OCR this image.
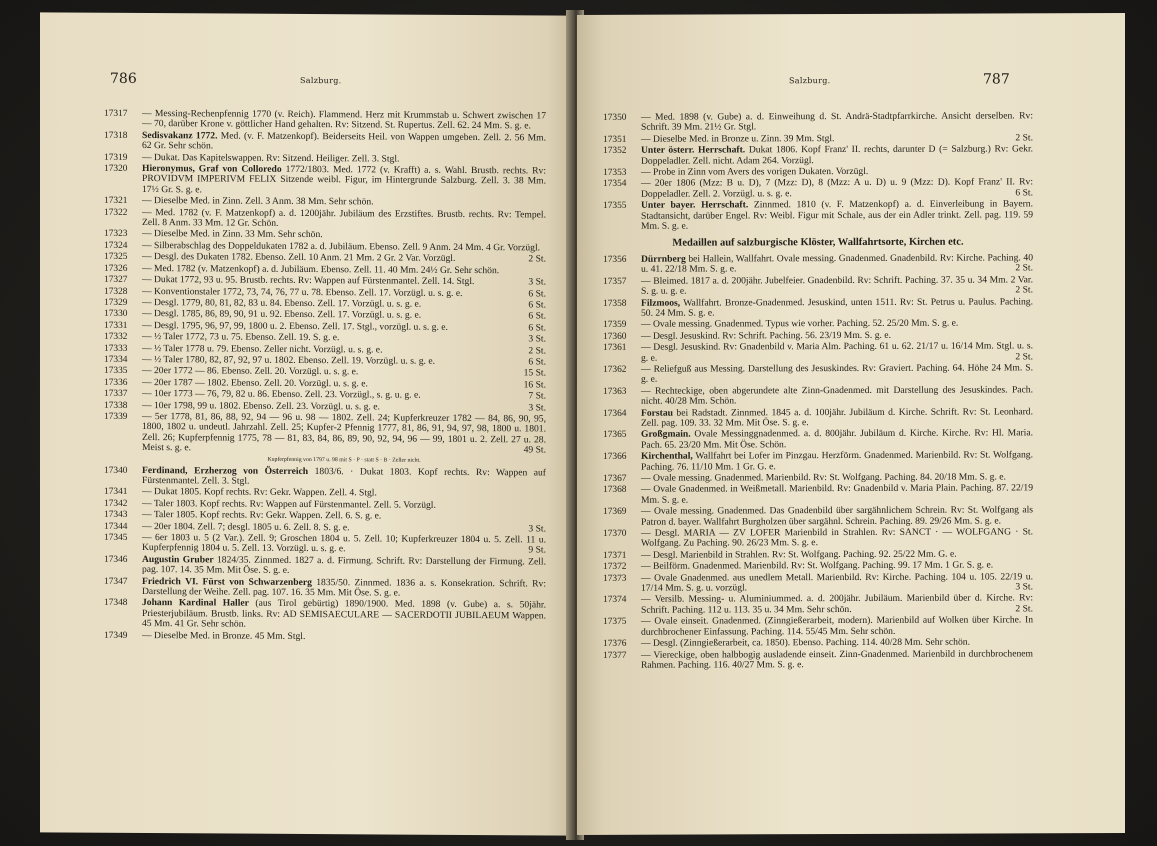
786	Salzburg.
17317	— Messing-Rechenpfennig 1770 (v. Reich). Flammend. Herz mit Krummstab u. Schwert zwischen 17 — 70, darüber Krone v. göttlicher Hand gehalten. Rv: Sitzend. St. Rupertus. Zell. 62. 24 Mm. S. g. e.
17318	Sedisvakanz 1772. Med. (v. F. Matzenkopf). Beiderseits Heil. von Wappen umgeben. Zell. 2. 56 Mm. 62 Gr. Sehr schön.
17319	— Dukat. Das Kapitelswappen. Rv: Sitzend. Heiliger. Zell. 3. Stgl.
17320	Hieronymus, Graf von Colloredo 1772/1803. Med. 1772 (v. Krafft) a. s. Wahl. Brustb. rechts. Rv: PROVIDVM IMPERIVM FELIX Sitzende weibl. Figur, im Hintergrunde Salzburg. Zell. 3. 38 Mm. 17½ Gr. S. g. e.
17321	— Dieselbe Med. in Zinn. Zell. 3 Anm. 38 Mm. Sehr schön.
17322	— Med. 1782 (v. F. Matzenkopf) a. d. 1200jähr. Jubiläum des Erzstiftes. Brustb. rechts. Rv: Tempel. Zell. 8 Anm. 33 Mm. 12 Gr. Schön.
17323	— Dieselbe Med. in Zinn. 33 Mm. Sehr schön.
17324	— Silberabschlag des Doppeldukaten 1782 a. d. Jubiläum. Ebenso. Zell. 9 Anm. 24 Mm. 4 Gr. Vorzügl.
17325	— Desgl. des Dukaten 1782. Ebenso. Zell. 10 Anm. 21 Mm. 2 Gr. 2 Var. Vorzügl.	2 St.
17326	— Med. 1782 (v. Matzenkopf) a. d. Jubiläum. Ebenso. Zell. 11. 40 Mm. 24½ Gr. Sehr schön.
17327	— Dukat 1772, 93 u. 95. Brustb. rechts. Rv: Wappen auf Fürstenmantel. Zell. 14. Stgl.	3 St.
17328	— Konventionstaler 1772, 73, 74, 76, 77 u. 78. Ebenso. Zell. 17. Vorzügl. u. s. g. e.	6 St.
17329	— Desgl. 1779, 80, 81, 82, 83 u. 84. Ebenso. Zell. 17. Vorzügl. u. s. g. e.	6 St.
17330	— Desgl. 1785, 86, 89, 90, 91 u. 92. Ebenso. Zell. 17. Vorzügl. u. s. g. e.	6 St.
17331	— Desgl. 1795, 96, 97, 99, 1800 u. 2. Ebenso. Zell. 17. Stgl., vorzügl. u. s. g. e.	6 St.
17332	— ½ Taler 1772, 73 u. 75. Ebenso. Zell. 19. S. g. e.	3 St.
17333	— ½ Taler 1778 u. 79. Ebenso. Zeller nicht. Vorzügl. u. s. g. e.	2 St.
17334	— ½ Taler 1780, 82, 87, 92, 97 u. 1802. Ebenso. Zell. 19. Vorzügl. u. s. g. e.	6 St.
17335	— 20er 1772 — 86. Ebenso. Zell. 20. Vorzügl. u. s. g. e.	15 St.
17336	— 20er 1787 — 1802. Ebenso. Zell. 20. Vorzügl. u. s. g. e.	16 St.
17337	— 10er 1773 — 76, 79, 82 u. 86. Ebenso. Zell. 23. Vorzügl., s. g. u. g. e.	7 St.
17338	— 10er 1798, 99 u. 1802. Ebenso. Zell. 23. Vorzügl. u. s. g. e.	3 St.
17339	— 5er 1778, 81, 86, 88, 92, 94 — 96 u. 98 — 1802. Zell. 24; Kupferkreuzer 1782 — 84, 86, 90, 95, 1800, 1802 u. undeutl. Jahrzahl. Zell. 25; Kupfer-2 Pfennig 1777, 81, 86, 91, 94, 97, 98, 1800 u. 1801. Zell. 26; Kupferpfennig 1775, 78 — 81, 83, 84, 86, 89, 90, 92, 94, 96 — 99, 1801 u. 2. Zell. 27 u. 28. Meist s. g. e.	49 St.
Kupferpfennig von 1797 u. 98 mit S · P · statt S · B · Zeller nicht.
17340	Ferdinand, Erzherzog von Österreich 1803/6. · Dukat 1803. Kopf rechts. Rv: Wappen auf Fürstenmantel. Zell. 3. Stgl.
17341	— Dukat 1805. Kopf rechts. Rv: Gekr. Wappen. Zell. 4. Stgl.
17342	— Taler 1803. Kopf rechts. Rv: Wappen auf Fürstenmantel. Zell. 5. Vorzügl.
17343	— Taler 1805. Kopf rechts. Rv: Gekr. Wappen. Zell. 6. S. g. e.
17344	— 20er 1804. Zell. 7; desgl. 1805 u. 6. Zell. 8. S. g. e.	3 St.
17345	— 6er 1803 u. 5 (2 Var.). Zell. 9; Groschen 1804 u. 5. Zell. 10; Kupferkreuzer 1804 u. 5. Zell. 11 u. Kupferpfennig 1804 u. 5. Zell. 13. Vorzügl. u. s. g. e.	9 St.
17346	Augustin Gruber 1824/35. Zinnmed. 1827 a. d. Firmung. Schrift. Rv: Darstellung der Firmung. Zell. pag. 107. 14. 35 Mm. Mit Öse. S. g. e.
17347	Friedrich VI. Fürst von Schwarzenberg 1835/50. Zinnmed. 1836 a. s. Konsekration. Schrift. Rv: Darstellung der Weihe. Zell. pag. 107. 16. 35 Mm. Mit Öse. S. g. e.
17348	Johann Kardinal Haller (aus Tirol gebürtig) 1890/1900. Med. 1898 (v. Gube) a. s. 50jähr. Priesterjubiläum. Brustb. links. Rv: AD SEMISAECULARE — SACERDOTII JUBILAEUM Wappen. 45 Mm. 41 Gr. Sehr schön.
17349	— Dieselbe Med. in Bronze. 45 Mm. Stgl.
Salzburg.	787
17350	— Med. 1898 (v. Gube) a. d. Einweihung d. St. Andrä-Stadtpfarrkirche. Ansicht derselben. Rv: Schrift. 39 Mm. 21½ Gr. Stgl.
17351	— Dieselbe Med. in Bronze u. Zinn. 39 Mm. Stgl.	2 St.
17352	Unter österr. Herrschaft. Dukat 1806. Kopf Franz' II. rechts, darunter D (= Salzburg.) Rv: Gekr. Doppeladler. Zell. nicht. Adam 264. Vorzügl.
17353	— Probe in Zinn vom Avers des vorigen Dukaten. Vorzügl.
17354	— 20er 1806 (Mzz: B u. D), 7 (Mzz: D), 8 (Mzz: A u. D) u. 9 (Mzz: D). Kopf Franz' II. Rv: Doppeladler. Zell. 2. Vorzügl. u. s. g. e.	6 St.
17355	Unter bayer. Herrschaft. Zinnmed. 1810 (v. F. Matzenkopf) a. d. Einverleibung in Bayern. Stadtansicht, darüber Engel. Rv: Weibl. Figur mit Schale, aus der ein Adler trinkt. Zell. pag. 119. 59 Mm. S. g. e.
Medaillen auf salzburgische Klöster, Wallfahrtsorte, Kirchen etc.
17356	Dürrnberg bei Hallein, Wallfahrt. Ovale messing. Gnadenmed. Gnadenbild. Rv: Kirche. Paching. 40 u. 41. 22/18 Mm. S. g. e.	2 St.
17357	— Bleimed. 1817 a. d. 200jähr. Jubelfeier. Gnadenbild. Rv: Schrift. Paching. 37. 35 u. 34 Mm. 2 Var. S. g. u. g. e.	2 St.
17358	Filzmoos, Wallfahrt. Bronze-Gnadenmed. Jesuskind, unten 1511. Rv: St. Petrus u. Paulus. Paching. 50. 24 Mm. S. g. e.
17359	— Ovale messing. Gnadenmed. Typus wie vorher. Paching. 52. 25/20 Mm. S. g. e.
17360	— Desgl. Jesuskind. Rv: Schrift. Paching. 56. 23/19 Mm. S. g. e.
17361	— Desgl. Jesuskind. Rv: Gnadenbild v. Maria Alm. Paching. 61 u. 62. 21/17 u. 16/14 Mm. Stgl. u. s. g. e.	2 St.
17362	— Reliefguß aus Messing. Darstellung des Jesuskindes. Rv: Graviert. Paching. 64. Höhe 24 Mm. S. g. e.
17363	— Rechteckige, oben abgerundete alte Zinn-Gnadenmed. mit Darstellung des Jesuskindes. Pach. nicht. 40/28 Mm. Schön.
17364	Forstau bei Radstadt. Zinnmed. 1845 a. d. 100jähr. Jubiläum d. Kirche. Schrift. Rv: St. Leonhard. Zell. pag. 109. 33. 32 Mm. Mit Öse. S. g. e.
17365	Großgmain. Ovale Messinggnadenmed. a. d. 800jähr. Jubiläum d. Kirche. Kirche. Rv: Hl. Maria. Pach. 65. 23/20 Mm. Mit Öse. Schön.
17366	Kirchenthal, Wallfahrt bei Lofer im Pinzgau. Herzförm. Gnadenmed. Marienbild. Rv: St. Wolfgang. Paching. 76. 11/10 Mm. 1 Gr. G. e.
17367	— Ovale messing. Gnadenmed. Marienbild. Rv: St. Wolfgang. Paching. 84. 20/18 Mm. S. g. e.
17368	— Ovale Gnadenmed. in Weißmetall. Marienbild. Rv: Gnadenbild v. Maria Plain. Paching. 87. 22/19 Mm. S. g. e.
17369	— Ovale messing. Gnadenmed. Das Gnadenbild über sargähnlichem Schrein. Rv: St. Wolfgang als Patron d. bayer. Wallfahrt Burgholzen über sargähnl. Schrein. Paching. 89. 29/26 Mm. S. g. e.
17370	— Desgl. MARIA — ZV LOFER Marienbild in Strahlen. Rv: SANCT · — WOLFGANG · St. Wolfgang. Zu Paching. 90. 26/23 Mm. S. g. e.
17371	— Desgl. Marienbild in Strahlen. Rv: St. Wolfgang. Paching. 92. 25/22 Mm. G. e.
17372	— Beilförm. Gnadenmed. Marienbild. Rv: St. Wolfgang. Paching. 99. 17 Mm. 1 Gr. S. g. e.
17373	— Ovale Gnadenmed. aus unedlem Metall. Marienbild. Rv: Kirche. Paching. 104 u. 105. 22/19 u. 17/14 Mm. S. g. u. vorzügl.	3 St.
17374	— Versilb. Messing- u. Aluminiummed. a. d. 200jähr. Jubiläum. Marienbild über d. Kirche. Rv: Schrift. Paching. 112 u. 113. 35 u. 34 Mm. Sehr schön.	2 St.
17375	— Ovale einseit. Gnadenmed. (Zinngießerarbeit, modern). Marienbild auf Wolken über Kirche. In durchbrochener Einfassung. Paching. 114. 55/45 Mm. Sehr schön.
17376	— Desgl. (Zinngießerarbeit, ca. 1850). Ebenso. Paching. 114. 40/28 Mm. Sehr schön.
17377	— Viereckige, oben halbbogig ausladende einseit. Zinn-Gnadenmed. Marienbild in durchbrochenem Rahmen. Paching. 116. 40/27 Mm. S. g. e.
